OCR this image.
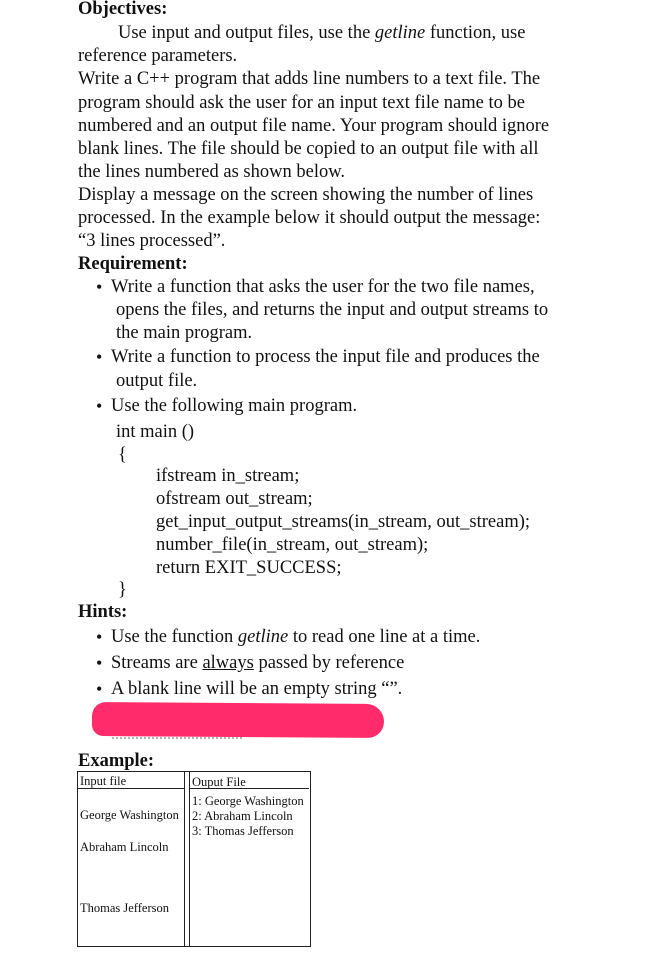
Objectives:
Use input and output files, use the getline function, use
reference parameters.
Write a C++ program that adds line numbers to a text file. The
program should ask the user for an input text file name to be
numbered and an output file name. Your program should ignore
blank lines. The file should be copied to an output file with all
the lines numbered as shown below.
Display a message on the screen showing the number of lines
processed. In the example below it should output the message:
“3 lines processed”.
Requirement:
• Write a function that asks the user for the two file names,
opens the files, and returns the input and output streams to
the main program.
• Write a function to process the input file and produces the
output file.
• Use the following main program.
int main ()
{
ifstream in_stream;
ofstream out_stream;
get_input_output_streams(in_stream, out_stream);
number_file(in_stream, out_stream);
return EXIT_SUCCESS;
}
Hints:
• Use the function getline to read one line at a time.
• Streams are always passed by reference
• A blank line will be an empty string “”.
Example:
Input file	Ouput File
George Washington
Abraham Lincoln
Thomas Jefferson
1: George Washington
2: Abraham Lincoln
3: Thomas Jefferson
